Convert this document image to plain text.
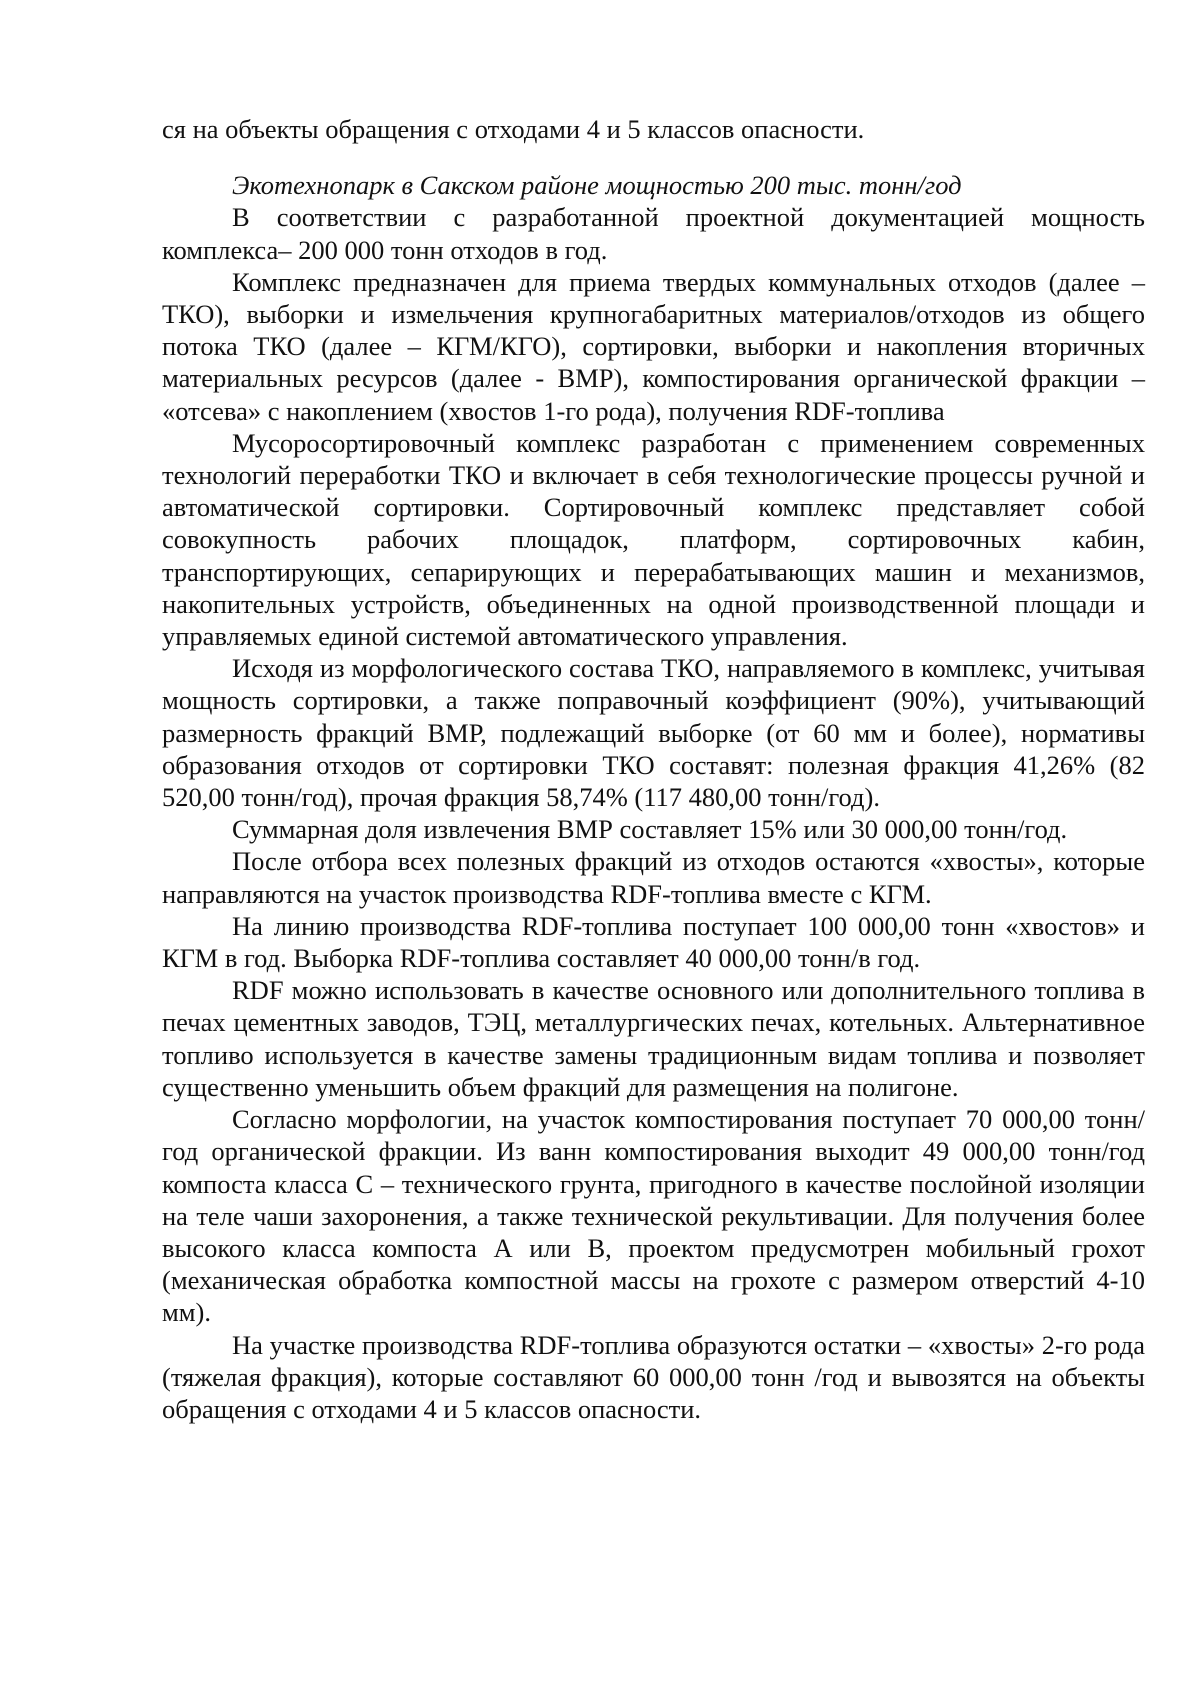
ся на объекты обращения с отходами 4 и 5 классов опасности.

Экотехнопарк в Сакском районе мощностью 200 тыс. тонн/год

В соответствии с разработанной проектной документацией мощность комплекса– 200 000 тонн отходов в год.

Комплекс предназначен для приема твердых коммунальных отходов (далее – ТКО), выборки и измельчения крупногабаритных материалов/отходов из общего потока ТКО (далее – КГМ/КГО), сортировки, выборки и накопления вторичных материальных ресурсов (далее - ВМР), компостирования органической фракции – «отсева» с накоплением (хвостов 1-го рода), получения RDF-топлива

Мусоросортировочный комплекс разработан с применением современных технологий переработки ТКО и включает в себя технологические процессы ручной и автоматической сортировки. Сортировочный комплекс представляет собой совокупность рабочих площадок, платформ, сортировочных кабин, транспортирующих, сепарирующих и перерабатывающих машин и механизмов, накопительных устройств, объединенных на одной производственной площади и управляемых единой системой автоматического управления.

Исходя из морфологического состава ТКО, направляемого в комплекс, учитывая мощность сортировки, а также поправочный коэффициент (90%), учитывающий размерность фракций ВМР, подлежащий выборке (от 60 мм и более), нормативы образования отходов от сортировки ТКО составят: полезная фракция 41,26% (82 520,00 тонн/год), прочая фракция 58,74% (117 480,00 тонн/год).

Суммарная доля извлечения ВМР составляет 15% или 30 000,00 тонн/год.

После отбора всех полезных фракций из отходов остаются «хвосты», которые направляются на участок производства RDF-топлива вместе с КГМ.

На линию производства RDF-топлива поступает 100 000,00 тонн «хвостов» и КГМ в год. Выборка RDF-топлива составляет 40 000,00 тонн/в год.

RDF можно использовать в качестве основного или дополнительного топлива в печах цементных заводов, ТЭЦ, металлургических печах, котельных. Альтернативное топливо используется в качестве замены традиционным видам топлива и позволяет существенно уменьшить объем фракций для размещения на полигоне.

Согласно морфологии, на участок компостирования поступает 70 000,00 тонн/год органической фракции. Из ванн компостирования выходит 49 000,00 тонн/год компоста класса С – технического грунта, пригодного в качестве послойной изоляции на теле чаши захоронения, а также технической рекультивации. Для получения более высокого класса компоста А или В, проектом предусмотрен мобильный грохот (механическая обработка компостной массы на грохоте с размером отверстий 4-10 мм).

На участке производства RDF-топлива образуются остатки – «хвосты» 2-го рода (тяжелая фракция), которые составляют 60 000,00 тонн /год и вывозятся на объекты обращения с отходами 4 и 5 классов опасности.
